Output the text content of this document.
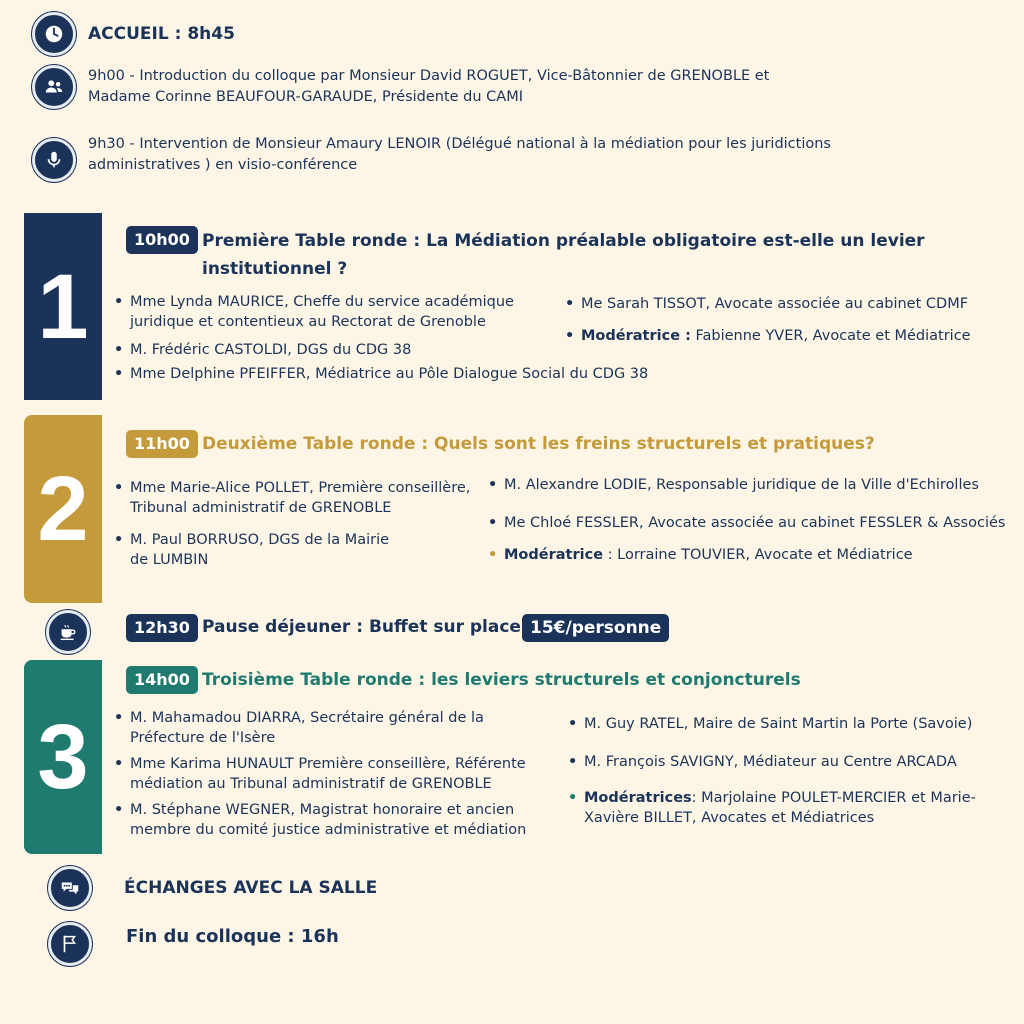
ACCUEIL : 8h45
9h00 - Introduction du colloque par Monsieur David ROGUET, Vice-Bâtonnier de GRENOBLE et
Madame Corinne BEAUFOUR-GARAUDE, Présidente du CAMI
9h30 - Intervention de Monsieur Amaury LENOIR (Délégué national à la médiation pour les juridictions
administratives ) en visio-conférence
1
10h00 Première Table ronde : La Médiation préalable obligatoire est-elle un levier
institutionnel ?
• Mme Lynda MAURICE, Cheffe du service académique
juridique et contentieux au Rectorat de Grenoble
• M. Frédéric CASTOLDI, DGS du CDG 38
• Mme Delphine PFEIFFER, Médiatrice au Pôle Dialogue Social du CDG 38
• Me Sarah TISSOT, Avocate associée au cabinet CDMF
• Modératrice : Fabienne YVER, Avocate et Médiatrice
2
11h00 Deuxième Table ronde : Quels sont les freins structurels et pratiques?
• Mme Marie-Alice POLLET, Première conseillère,
Tribunal administratif de GRENOBLE
• M. Paul BORRUSO, DGS de la Mairie
de LUMBIN
• M. Alexandre LODIE, Responsable juridique de la Ville d'Echirolles
• Me Chloé FESSLER, Avocate associée au cabinet FESSLER & Associés
• Modératrice : Lorraine TOUVIER, Avocate et Médiatrice
12h30 Pause déjeuner : Buffet sur place 15€/personne
3
14h00 Troisième Table ronde : les leviers structurels et conjoncturels
• M. Mahamadou DIARRA, Secrétaire général de la
Préfecture de l'Isère
• Mme Karima HUNAULT Première conseillère, Référente
médiation au Tribunal administratif de GRENOBLE
• M. Stéphane WEGNER, Magistrat honoraire et ancien
membre du comité justice administrative et médiation
• M. Guy RATEL, Maire de Saint Martin la Porte (Savoie)
• M. François SAVIGNY, Médiateur au Centre ARCADA
• Modératrices: Marjolaine POULET-MERCIER et Marie-
Xavière BILLET, Avocates et Médiatrices
ÉCHANGES AVEC LA SALLE
Fin du colloque : 16h
